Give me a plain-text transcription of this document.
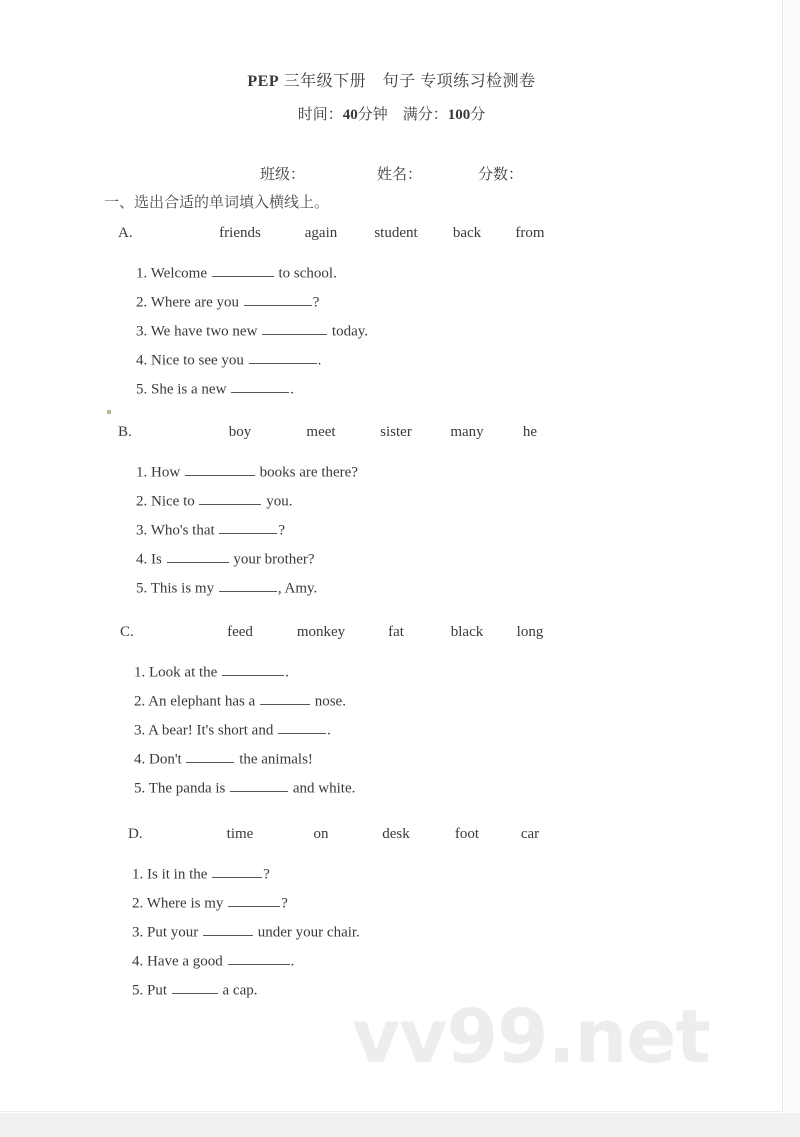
vv99.net
PEP 三年级下册　句子 专项练习检测卷
时间：40分钟　 满分：100分
班级：	姓名：	分数：
一、选出合适的单词填入横线上。
A.	friends	again student back from
1. Welcome	to school.
2. Where are you	?
3. We have two new	today.
4. Nice to see you	.
5. She is a new	.
B.	boy	meet	sister	many	he
1. How	books are there?
2. Nice to	you.
3. Who's that	?
4. Is	your brother?
5. This is my	, Amy.
C.	feed	monkey	fat	black long
1. Look at the	.
2. An elephant has a	nose.
3. A bear! It's short and	.
4. Don't	the animals!
5. The panda is	and white.
D.	time	on	desk	foot	car
1. Is it in the	?
2. Where is my	?
3. Put your	under your chair.
4. Have a good	.
5. Put	a cap.
